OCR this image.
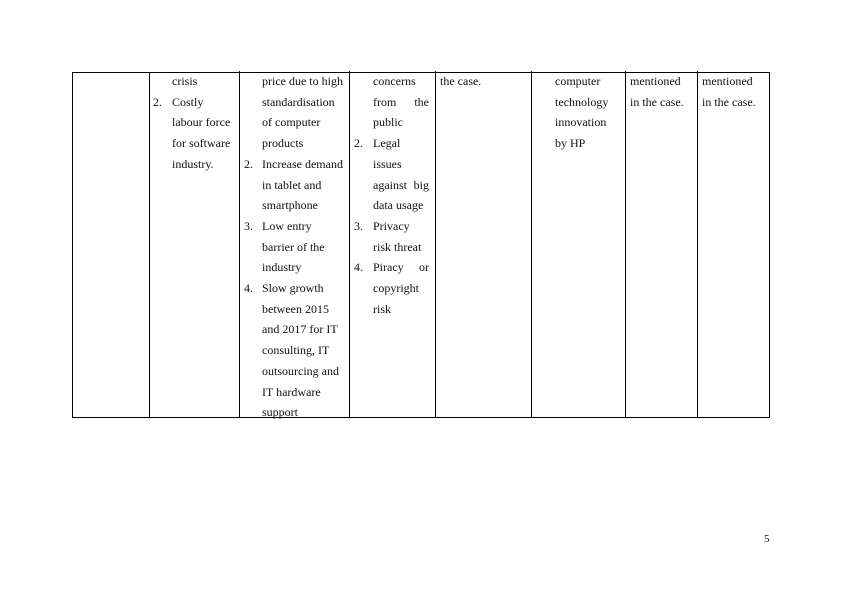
crisis
2. Costly
labour force
for software
industry.
price due to high
standardisation
of computer
products
2. Increase demand
in tablet and
smartphone
3. Low entry
barrier of the
industry
4. Slow growth
between 2015
and 2017 for IT
consulting, IT
outsourcing and
IT hardware
support
concerns
from the
public
2. Legal
issues
against big
data usage
3. Privacy
risk threat
4. Piracy or
copyright
risk
the case.	computer
technology
innovation
by HP
mentioned
in the case.
mentioned
in the case.
5
